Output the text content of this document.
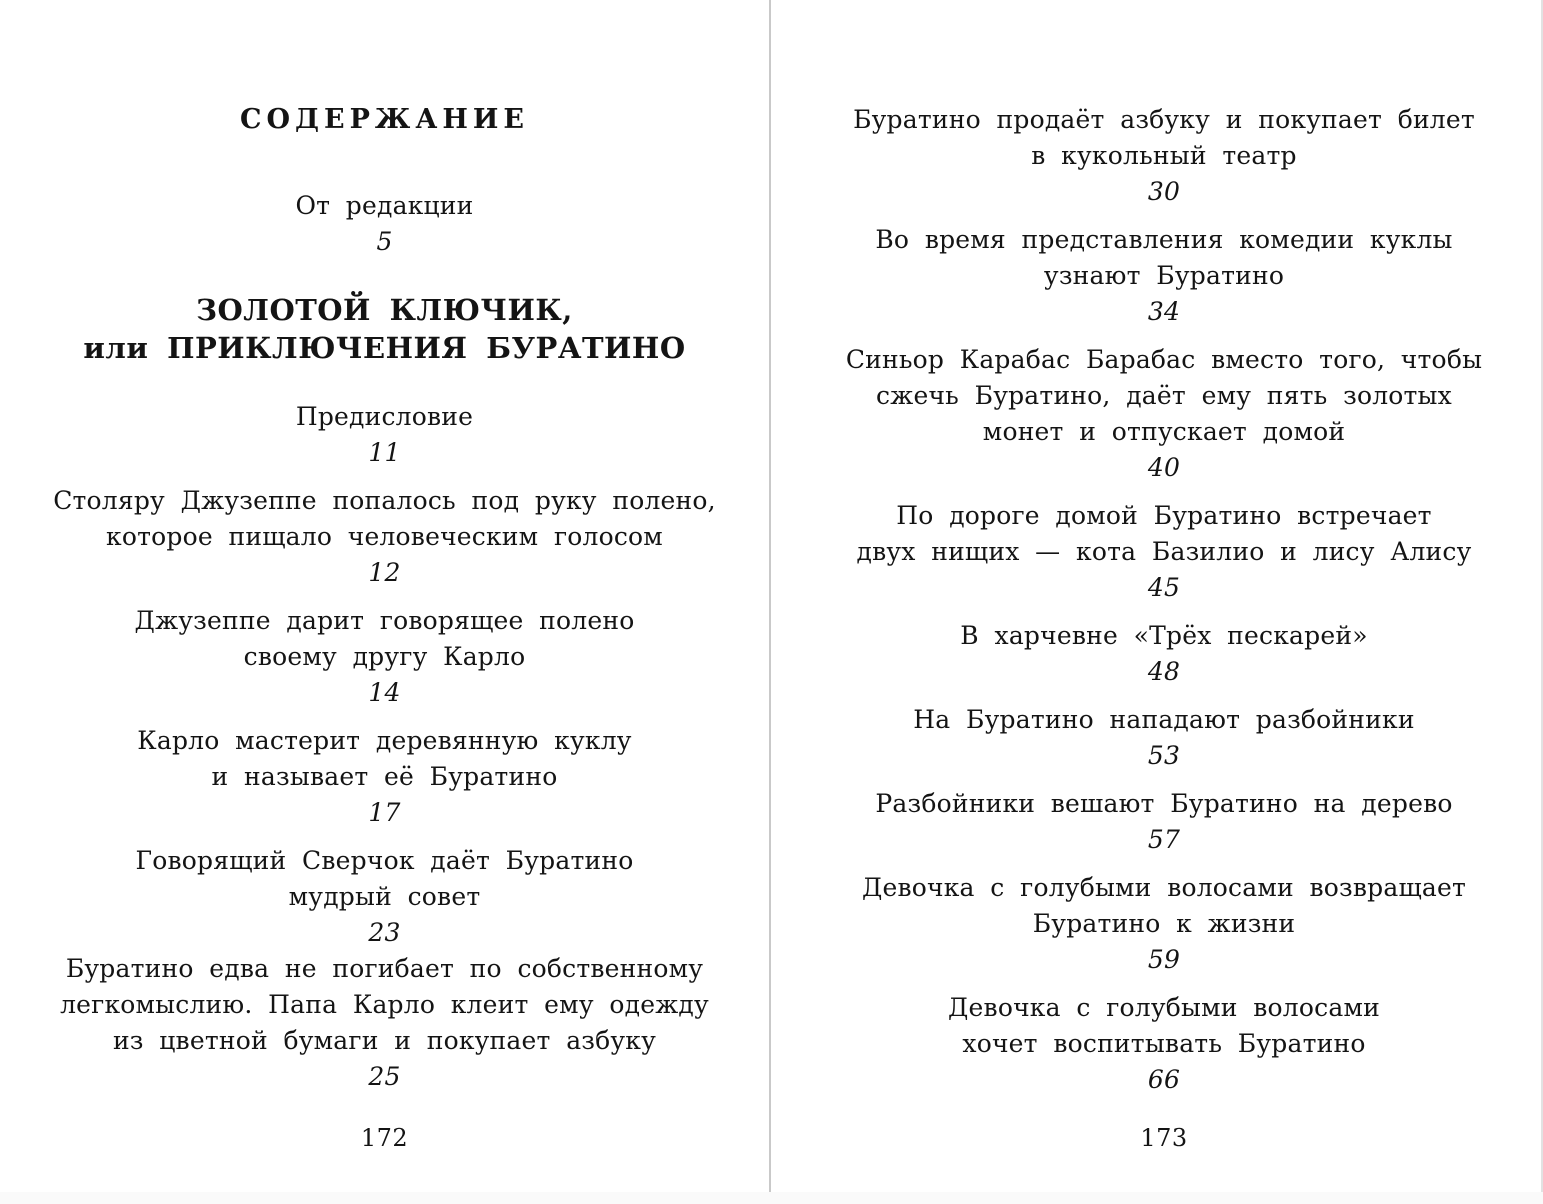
СОДЕРЖАНИЕ
От редакции
5
ЗОЛОТОЙ КЛЮЧИК,
или ПРИКЛЮЧЕНИЯ БУРАТИНО
Предисловие
11
Столяру Джузеппе попалось под руку полено,
которое пищало человеческим голосом
12
Джузеппе дарит говорящее полено
своему другу Карло
14
Карло мастерит деревянную куклу
и называет её Буратино
17
Говорящий Сверчок даёт Буратино
мудрый совет
23
Буратино едва не погибает по собственному
легкомыслию. Папа Карло клеит ему одежду
из цветной бумаги и покупает азбуку
25
172
Буратино продаёт азбуку и покупает билет
в кукольный театр
30
Во время представления комедии куклы
узнают Буратино
34
Синьор Карабас Барабас вместо того, чтобы
сжечь Буратино, даёт ему пять золотых
монет и отпускает домой
40
По дороге домой Буратино встречает
двух нищих — кота Базилио и лису Алису
45
В харчевне «Трёх пескарей»
48
На Буратино нападают разбойники
53
Разбойники вешают Буратино на дерево
57
Девочка с голубыми волосами возвращает
Буратино к жизни
59
Девочка с голубыми волосами
хочет воспитывать Буратино
66
173
